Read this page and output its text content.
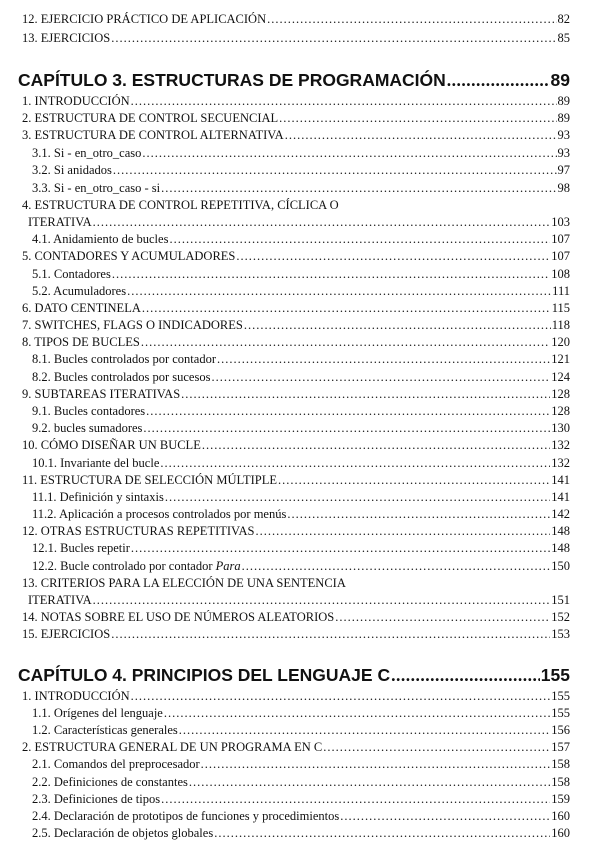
12. EJERCICIO PRÁCTICO DE APLICACIÓN .....	82
13. EJERCICIOS .....	85
CAPÍTULO 3. ESTRUCTURAS DE PROGRAMACIÓN .....	89
1. INTRODUCCIÓN .....	89
2. ESTRUCTURA DE CONTROL SECUENCIAL .....	89
3. ESTRUCTURA DE CONTROL ALTERNATIVA .....	93
3.1. Si - en_otro_caso .....	93
3.2. Si anidados .....	97
3.3. Si - en_otro_caso - si .....	98
4. ESTRUCTURA DE CONTROL REPETITIVA, CÍCLICA O
ITERATIVA .....	103
4.1. Anidamiento de bucles .....	107
5. CONTADORES Y ACUMULADORES .....	107
5.1. Contadores .....	108
5.2. Acumuladores .....	111
6. DATO CENTINELA .....	115
7. SWITCHES, FLAGS O INDICADORES .....	118
8. TIPOS DE BUCLES .....	120
8.1. Bucles controlados por contador .....	121
8.2. Bucles controlados por sucesos .....	124
9. SUBTAREAS ITERATIVAS .....	128
9.1. Bucles contadores .....	128
9.2. bucles sumadores .....	130
10. CÓMO DISEÑAR UN BUCLE .....	132
10.1. Invariante del bucle .....	132
11. ESTRUCTURA DE SELECCIÓN MÚLTIPLE .....	141
11.1. Definición y sintaxis .....	141
11.2. Aplicación a procesos controlados por menús .....	142
12. OTRAS ESTRUCTURAS REPETITIVAS .....	148
12.1. Bucles repetir .....	148
12.2. Bucle controlado por contador Para .....	150
13. CRITERIOS PARA LA ELECCIÓN DE UNA SENTENCIA
ITERATIVA .....	151
14. NOTAS SOBRE EL USO DE NÚMEROS ALEATORIOS .....	152
15. EJERCICIOS .....	153
CAPÍTULO 4. PRINCIPIOS DEL LENGUAJE C .....	155
1. INTRODUCCIÓN .....	155
1.1. Orígenes del lenguaje .....	155
1.2. Características generales .....	156
2. ESTRUCTURA GENERAL DE UN PROGRAMA EN C .....	157
2.1. Comandos del preprocesador .....	158
2.2. Definiciones de constantes .....	158
2.3. Definiciones de tipos .....	159
2.4. Declaración de prototipos de funciones y procedimientos .....	160
2.5. Declaración de objetos globales .....	160
